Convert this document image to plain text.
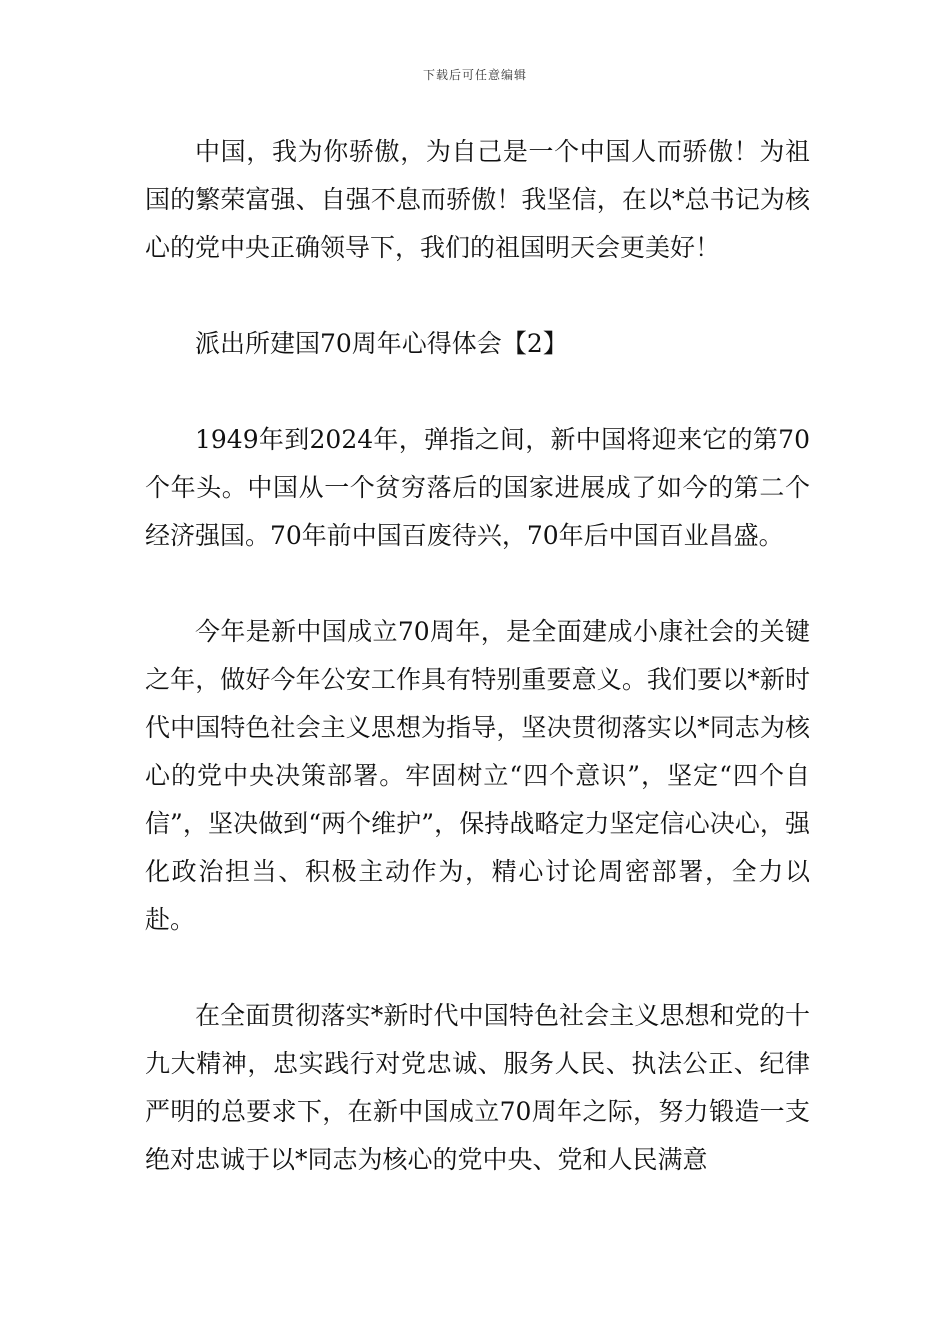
下载后可任意编辑

中国，我为你骄傲，为自己是一个中国人而骄傲！为祖国的繁荣富强、自强不息而骄傲！我坚信，在以*总书记为核心的党中央正确领导下，我们的祖国明天会更美好！

派出所建国70周年心得体会【2】

1949年到2024年，弹指之间，新中国将迎来它的第70个年头。中国从一个贫穷落后的国家进展成了如今的第二个经济强国。70年前中国百废待兴，70年后中国百业昌盛。

今年是新中国成立70周年，是全面建成小康社会的关键之年，做好今年公安工作具有特别重要意义。我们要以*新时代中国特色社会主义思想为指导，坚决贯彻落实以*同志为核心的党中央决策部署。牢固树立“四个意识”，坚定“四个自信”，坚决做到“两个维护”，保持战略定力坚定信心决心，强化政治担当、积极主动作为，精心讨论周密部署，全力以赴。

在全面贯彻落实*新时代中国特色社会主义思想和党的十九大精神，忠实践行对党忠诚、服务人民、执法公正、纪律严明的总要求下，在新中国成立70周年之际，努力锻造一支绝对忠诚于以*同志为核心的党中央、党和人民满意
